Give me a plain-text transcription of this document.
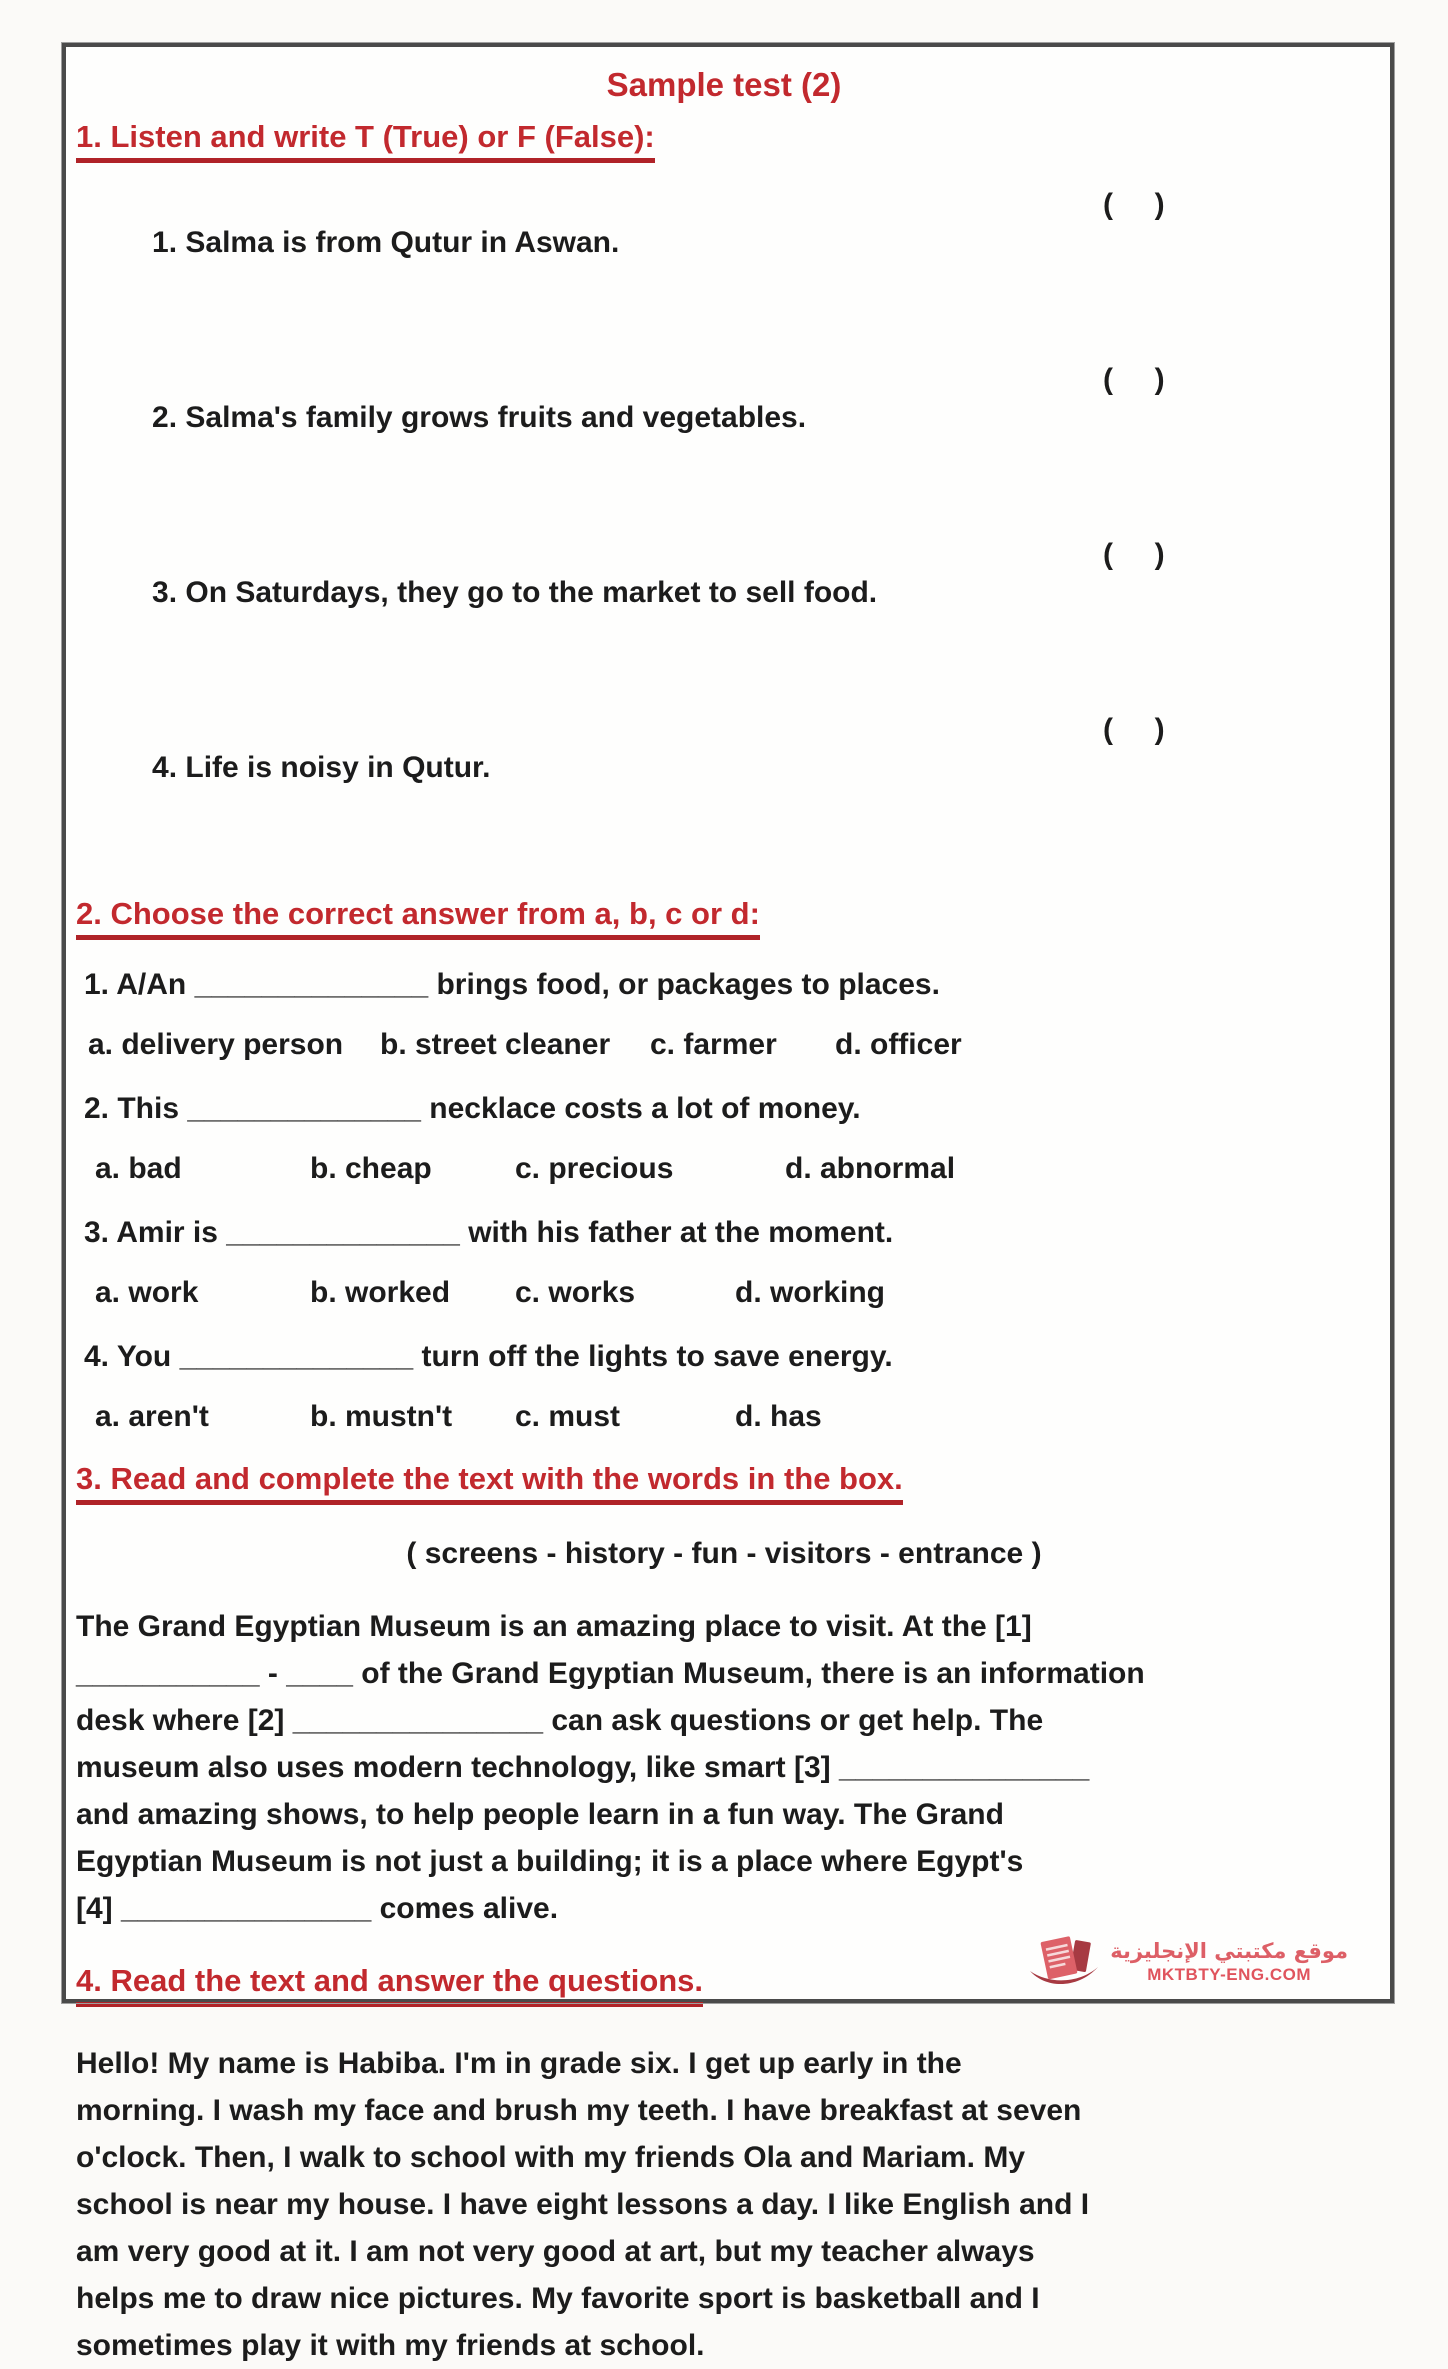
Sample test (2)
1. Listen and write T (True) or F (False):

1. Salma is from Qutur in Aswan.

(     )

2. Salma's family grows fruits and vegetables.

(     )

3. On Saturdays, they go to the market to sell food.

(     )

4. Life is noisy in Qutur.

(     )

2. Choose the correct answer from a, b, c or d:
1. A/An ______________ brings food, or packages to places.
a. delivery person b. street cleaner c. farmer d. officer
2. This ______________ necklace costs a lot of money.
a. bad	b. cheap	c. precious	d. abnormal
3. Amir is ______________ with his father at the moment.
a. work	b. worked c. works	d. working
4. You ______________ turn off the lights to save energy.
a. aren't	b. mustn't c. must	d. has
3. Read and complete the text with the words in the box.
( screens - history - fun - visitors - entrance )
The Grand Egyptian Museum is an amazing place to visit. At the [1]
___________ - ____ of the Grand Egyptian Museum, there is an information
desk where [2] _______________ can ask questions or get help. The
museum also uses modern technology, like smart [3] _______________
and amazing shows, to help people learn in a fun way. The Grand
Egyptian Museum is not just a building; it is a place where Egypt's
[4] _______________ comes alive.
4. Read the text and answer the questions.
Hello! My name is Habiba. I'm in grade six. I get up early in the
morning. I wash my face and brush my teeth. I have breakfast at seven
o'clock. Then, I walk to school with my friends Ola and Mariam. My
school is near my house. I have eight lessons a day. I like English and I
am very good at it. I am not very good at art, but my teacher always
helps me to draw nice pictures. My favorite sport is basketball and I
sometimes play it with my friends at school.
موقع مكتبتي الإنجليزية
MKTBTY-ENG.COM
